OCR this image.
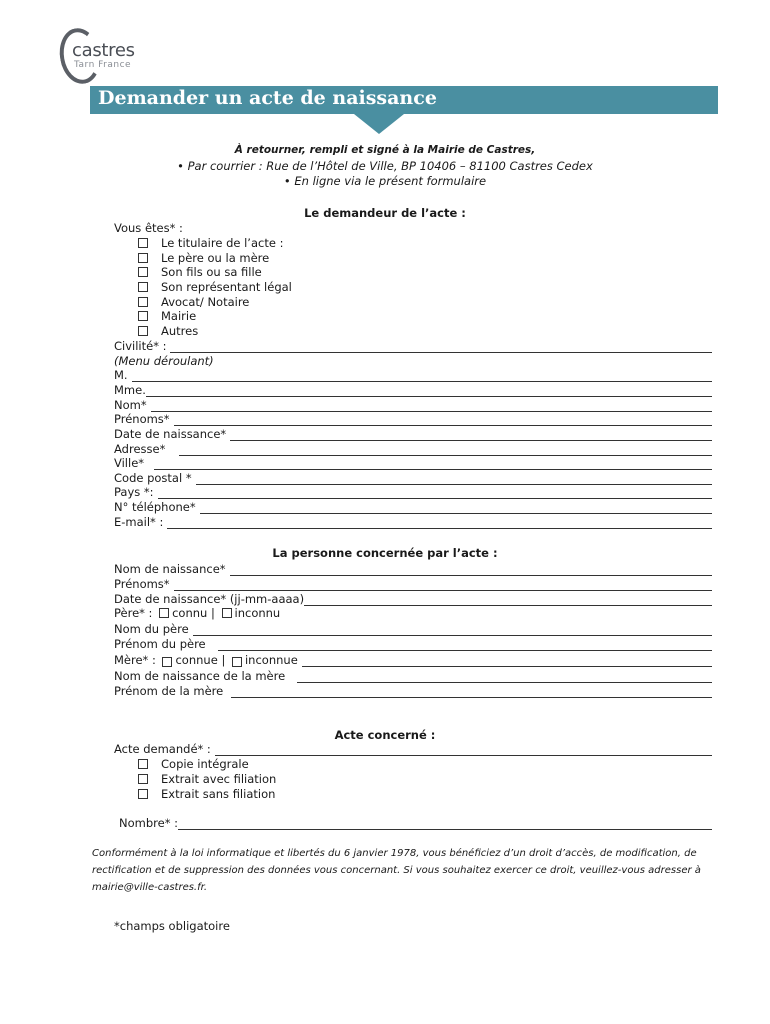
castres
Tarn France
Demander un acte de naissance
À retourner, rempli et signé à la Mairie de Castres,
• Par courrier : Rue de l’Hôtel de Ville, BP 10406 – 81100 Castres Cedex
• En ligne via le présent formulaire
Le demandeur de l’acte :
Vous êtes* :
Le titulaire de l’acte :
Le père ou la mère
Son fils ou sa fille
Son représentant légal
Avocat/ Notaire
Mairie
Autres
Civilité* :
(Menu déroulant)
M.
Mme.
Nom*
Prénoms*
Date de naissance*
Adresse*
Ville*
Code postal *
Pays *:
N° téléphone*
E-mail* :
La personne concernée par l’acte :
Nom de naissance*
Prénoms*
Date de naissance* (jj-mm-aaaa)
Père* : connu | inconnu
Nom du père
Prénom du père
Mère* :
connue |
inconnue
Nom de naissance de la mère
Prénom de la mère
Acte concerné :
Acte demandé* :
Copie intégrale
Extrait avec filiation
Extrait sans filiation
Nombre* :
Conformément à la loi informatique et libertés du 6 janvier 1978, vous bénéficiez d’un droit d’accès, de modification, de rectification et de suppression des données vous concernant. Si vous souhaitez exercer ce droit, veuillez-vous adresser à mairie@ville-castres.fr.
*champs obligatoire
